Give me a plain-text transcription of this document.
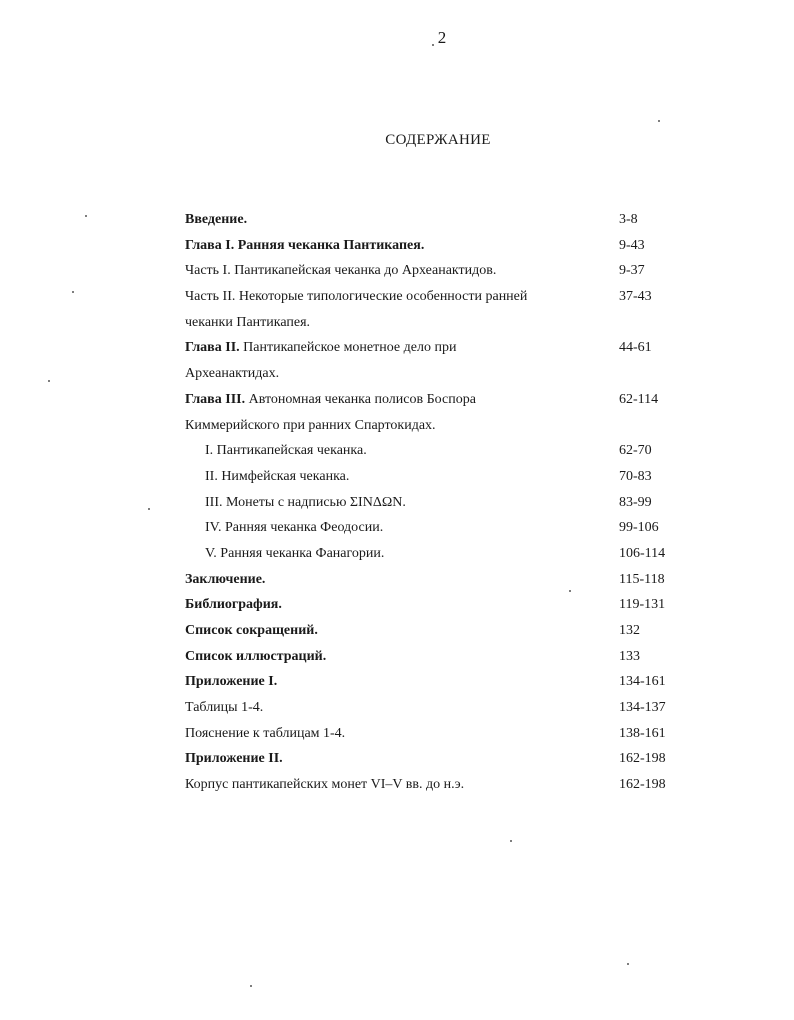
2
СОДЕРЖАНИЕ
Введение.	3-8
Глава I. Ранняя чеканка Пантикапея.	9-43
Часть I. Пантикапейская чеканка до Археанактидов.	9-37
Часть II. Некоторые типологические особенности ранней	37-43
чеканки Пантикапея.
Глава II. Пантикапейское монетное дело при	44-61
Археанактидах.
Глава III. Автономная чеканка полисов Боспора	62-114
Киммерийского при ранних Спартокидах.
I. Пантикапейская чеканка.	62-70
II. Нимфейская чеканка.	70-83
III. Монеты с надписью ΣΙΝΔΩΝ.	83-99
IV. Ранняя чеканка Феодосии.	99-106
V. Ранняя чеканка Фанагории.	106-114
Заключение.	115-118
Библиография.	119-131
Список сокращений.	132
Список иллюстраций.	133
Приложение I.	134-161
Таблицы 1-4.	134-137
Пояснение к таблицам 1-4.	138-161
Приложение II.	162-198
Корпус пантикапейских монет VI–V вв. до н.э.	162-198
